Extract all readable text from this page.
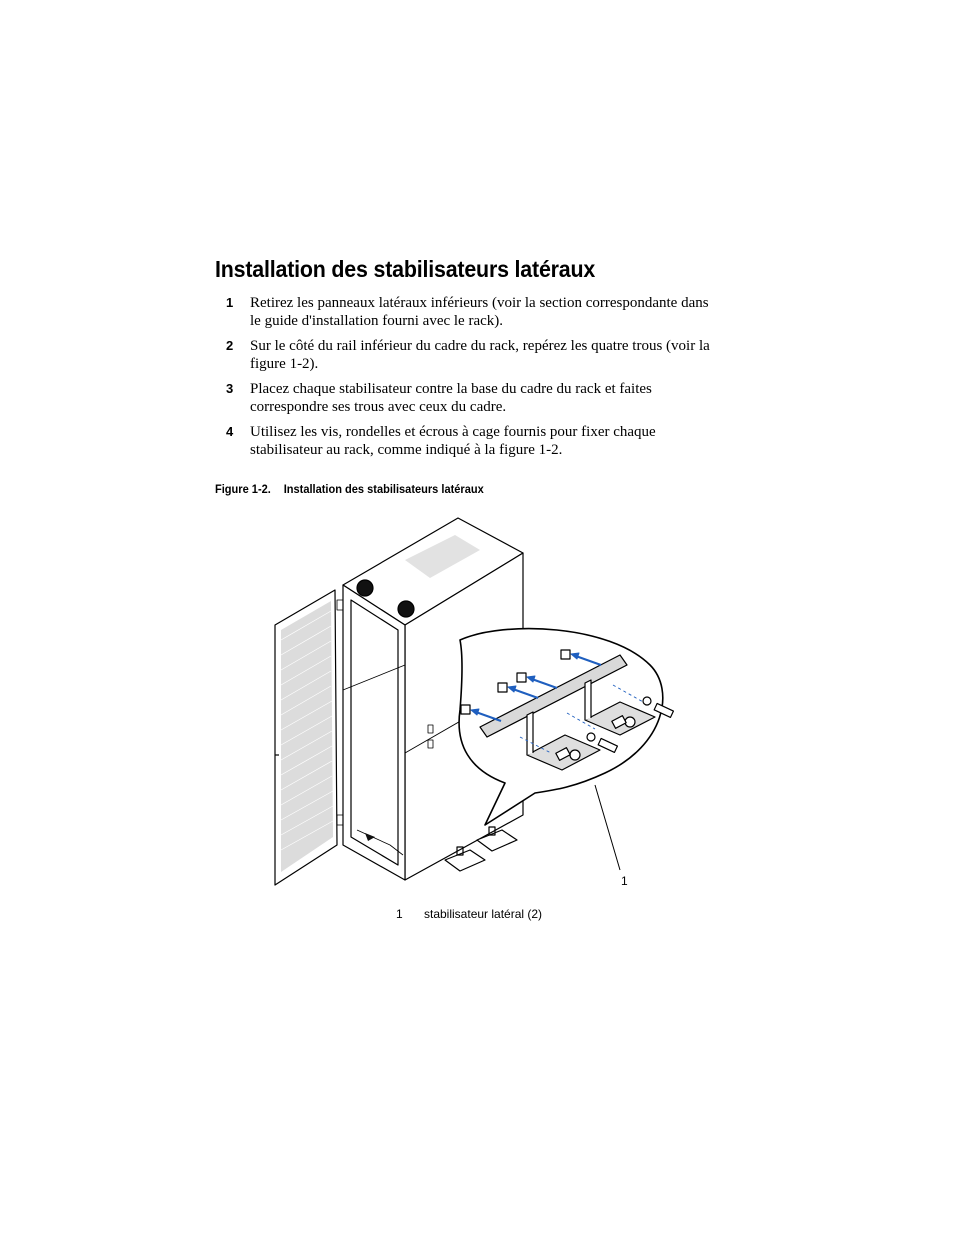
Installation des stabilisateurs latéraux
1 Retirez les panneaux latéraux inférieurs (voir la section correspondante dans le guide d'installation fourni avec le rack).
2 Sur le côté du rail inférieur du cadre du rack, repérez les quatre trous (voir la figure 1-2).
3 Placez chaque stabilisateur contre la base du cadre du rack et faites correspondre ses trous avec ceux du cadre.
4 Utilisez les vis, rondelles et écrous à cage fournis pour fixer chaque stabilisateur au rack, comme indiqué à la figure 1-2.
Figure 1-2. Installation des stabilisateurs latéraux
1
1 stabilisateur latéral (2)
